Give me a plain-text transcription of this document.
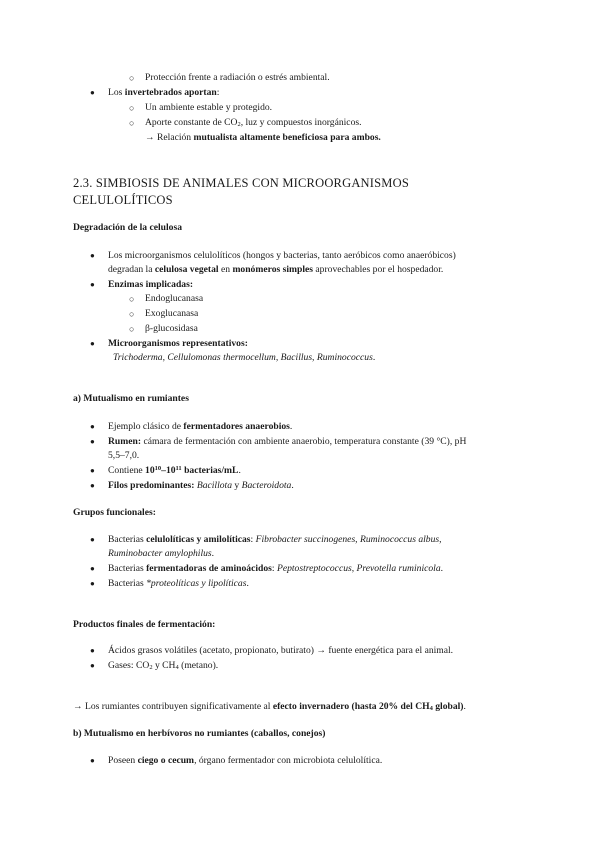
○ Protección frente a radiación o estrés ambiental.
● Los invertebrados aportan:
○ Un ambiente estable y protegido.
○ Aporte constante de $CO_2$, luz y compuestos inorgánicos.
→ Relación mutualista altamente beneficiosa para ambos.
2.3. SIMBIOSIS DE ANIMALES CON MICROORGANISMOS
CELULOLÍTICOS
Degradación de la celulosa
● Los microorganismos celulolíticos (hongos y bacterias, tanto aeróbicos como anaeróbicos)
degradan la celulosa vegetal en monómeros simples aprovechables por el hospedador.
● Enzimas implicadas:
○ Endoglucanasa
○ Exoglucanasa
○ β-glucosidasa
● Microorganismos representativos:
Trichoderma, Cellulomonas thermocellum, Bacillus, Ruminococcus.
a) Mutualismo en rumiantes
● Ejemplo clásico de fermentadores anaerobios.
● Rumen: cámara de fermentación con ambiente anaerobio, temperatura constante (39 °C), pH
5,5–7,0.
● Contiene $10^{10}-10^{11}$ bacterias/mL.
● Filos predominantes: Bacillota y Bacteroidota.
Grupos funcionales:
● Bacterias celulolíticas y amilolíticas: Fibrobacter succinogenes, Ruminococcus albus,
Ruminobacter amylophilus.
● Bacterias fermentadoras de aminoácidos: Peptostreptococcus, Prevotella ruminicola.
● Bacterias *proteolíticas y lipolíticas.
Productos finales de fermentación:
● Ácidos grasos volátiles (acetato, propionato, butirato) → fuente energética para el animal.
● Gases: $CO_2$ y $CH_4$ (metano).
→ Los rumiantes contribuyen significativamente al efecto invernadero (hasta 20% del $CH_4$ global).
b) Mutualismo en herbívoros no rumiantes (caballos, conejos)
● Poseen ciego o cecum, órgano fermentador con microbiota celulolítica.
